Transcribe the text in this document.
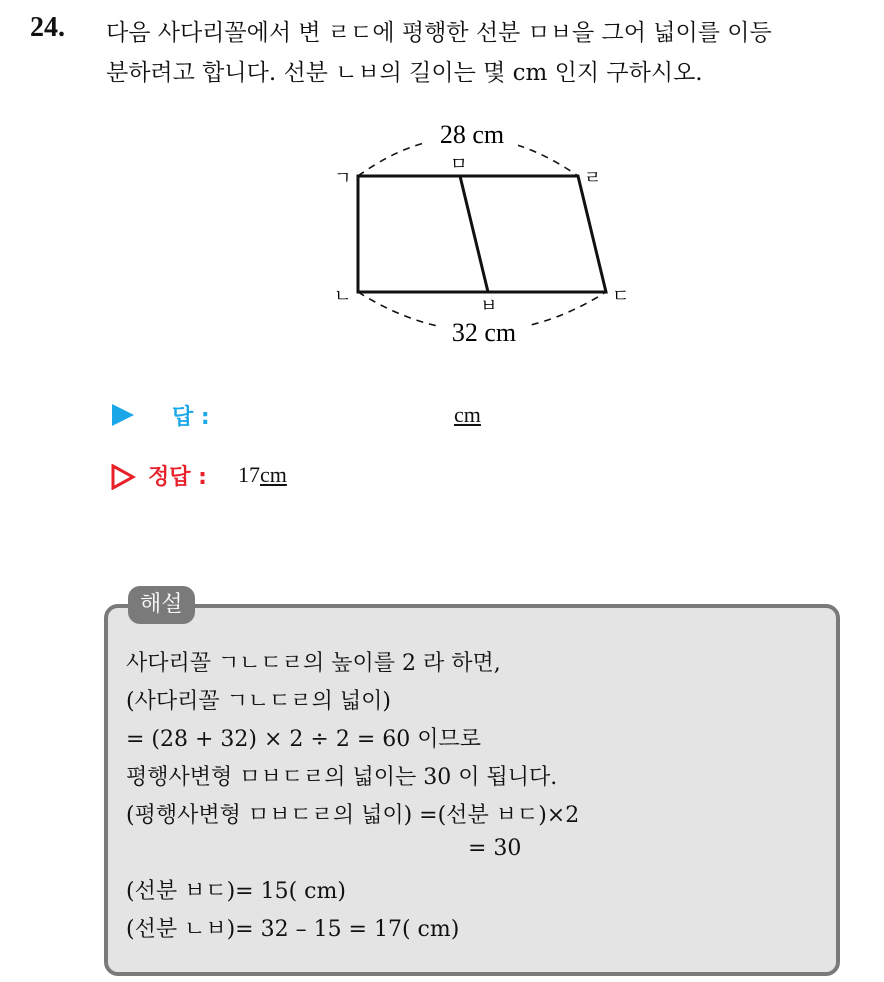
24. 다음 사다리꼴에서 변 ㄹㄷ에 평행한 선분 ㅁㅂ을 그어 넓이를 이등
분하려고 합니다. 선분 ㄴㅂ의 길이는 몇 cm 인지 구하시오.
28 cm
32 cm
ㄱ
ㄴ	ㄷ
ㄹ
ㅁ
ㅂ
답 :	cm
정답 : 17cm
해설
사다리꼴 ㄱㄴㄷㄹ의 높이를 2 라 하면,
(사다리꼴 ㄱㄴㄷㄹ의 넓이)
= (28 + 32) × 2 ÷ 2 = 60 이므로
평행사변형 ㅁㅂㄷㄹ의 넓이는 30 이 됩니다.
(평행사변형 ㅁㅂㄷㄹ의 넓이) =(선분 ㅂㄷ)×2
= 30
(선분 ㅂㄷ)= 15( cm)
(선분 ㄴㅂ)= 32 – 15 = 17( cm)
